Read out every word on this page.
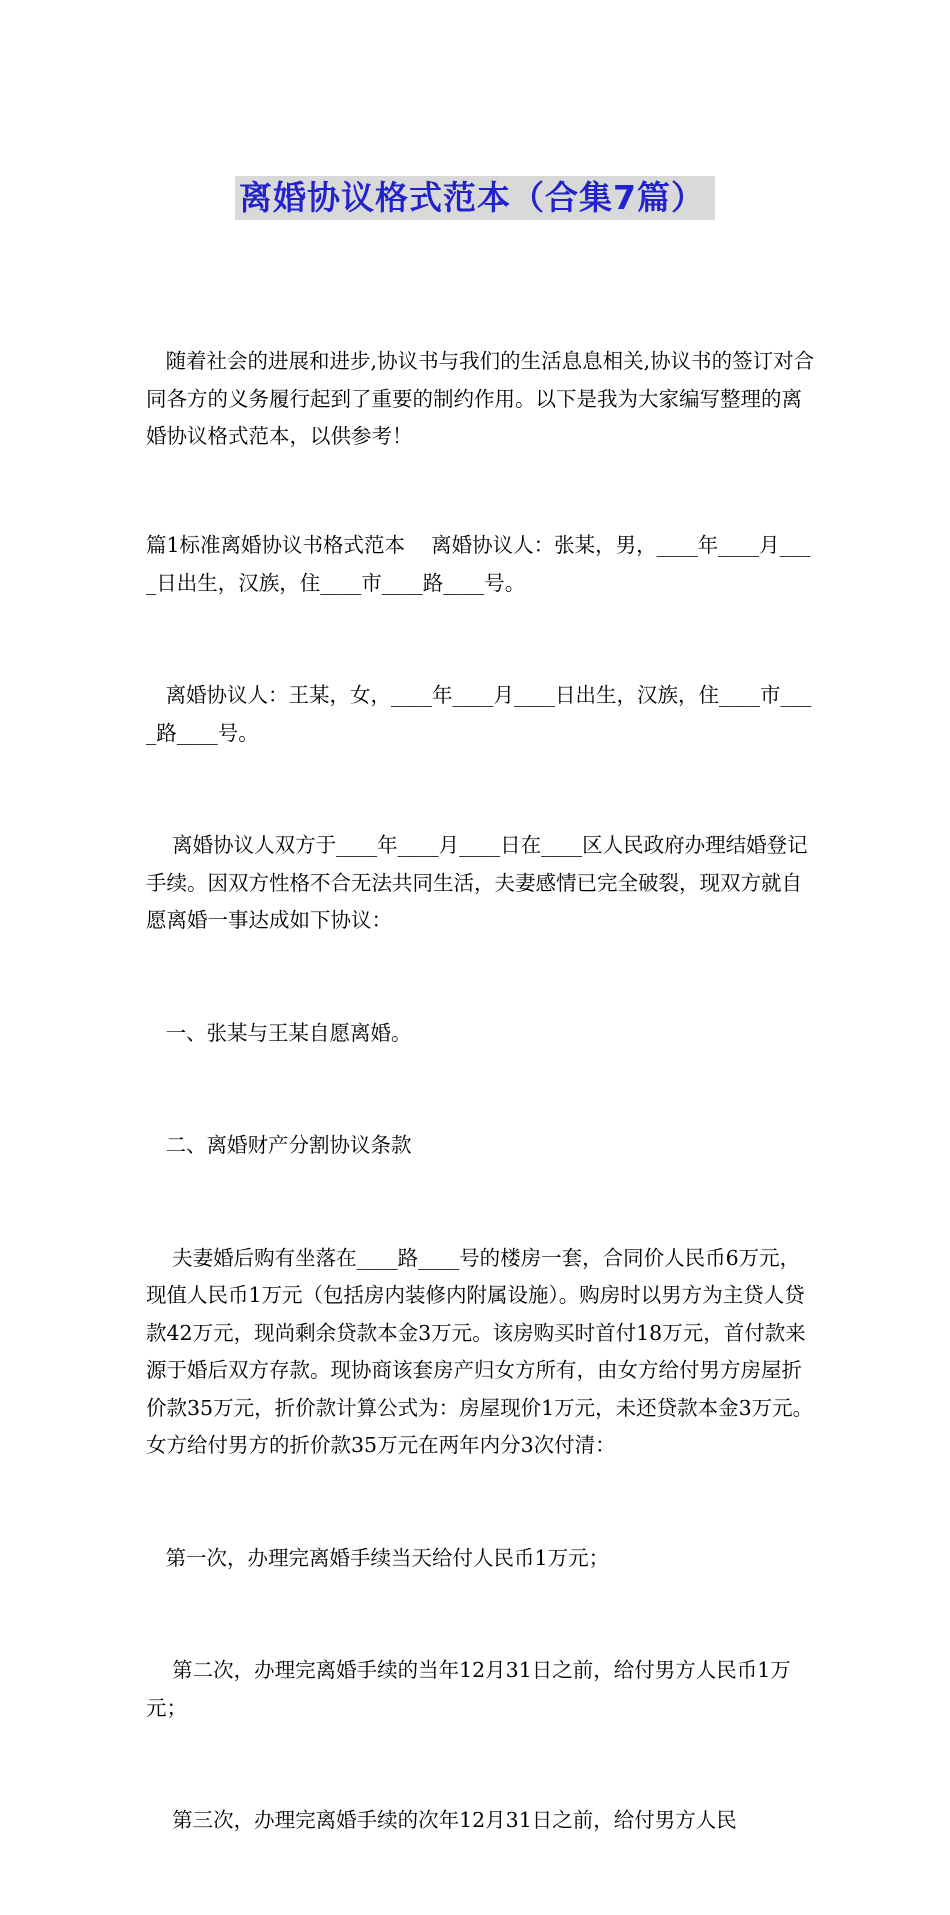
离婚协议格式范本（合集7篇）

随着社会的进展和进步,协议书与我们的生活息息相关,协议书的签订对合同各方的义务履行起到了重要的制约作用。以下是我为大家编写整理的离婚协议格式范本，以供参考！

篇1标准离婚协议书格式范本    离婚协议人：张某，男，____年____月____日出生，汉族，住____市____路____号。

离婚协议人：王某，女，____年____月____日出生，汉族，住____市____路____号。

离婚协议人双方于____年____月____日在____区人民政府办理结婚登记手续。因双方性格不合无法共同生活，夫妻感情已完全破裂，现双方就自愿离婚一事达成如下协议：

一、张某与王某自愿离婚。

二、离婚财产分割协议条款

夫妻婚后购有坐落在____路____号的楼房一套，合同价人民币6万元，现值人民币1万元（包括房内装修内附属设施）。购房时以男方为主贷人贷款42万元，现尚剩余贷款本金3万元。该房购买时首付18万元，首付款来源于婚后双方存款。现协商该套房产归女方所有，由女方给付男方房屋折价款35万元，折价款计算公式为：房屋现价1万元，未还贷款本金3万元。女方给付男方的折价款35万元在两年内分3次付清：

第一次，办理完离婚手续当天给付人民币1万元；

第二次，办理完离婚手续的当年12月31日之前，给付男方人民币1万元；

第三次，办理完离婚手续的次年12月31日之前，给付男方人民
